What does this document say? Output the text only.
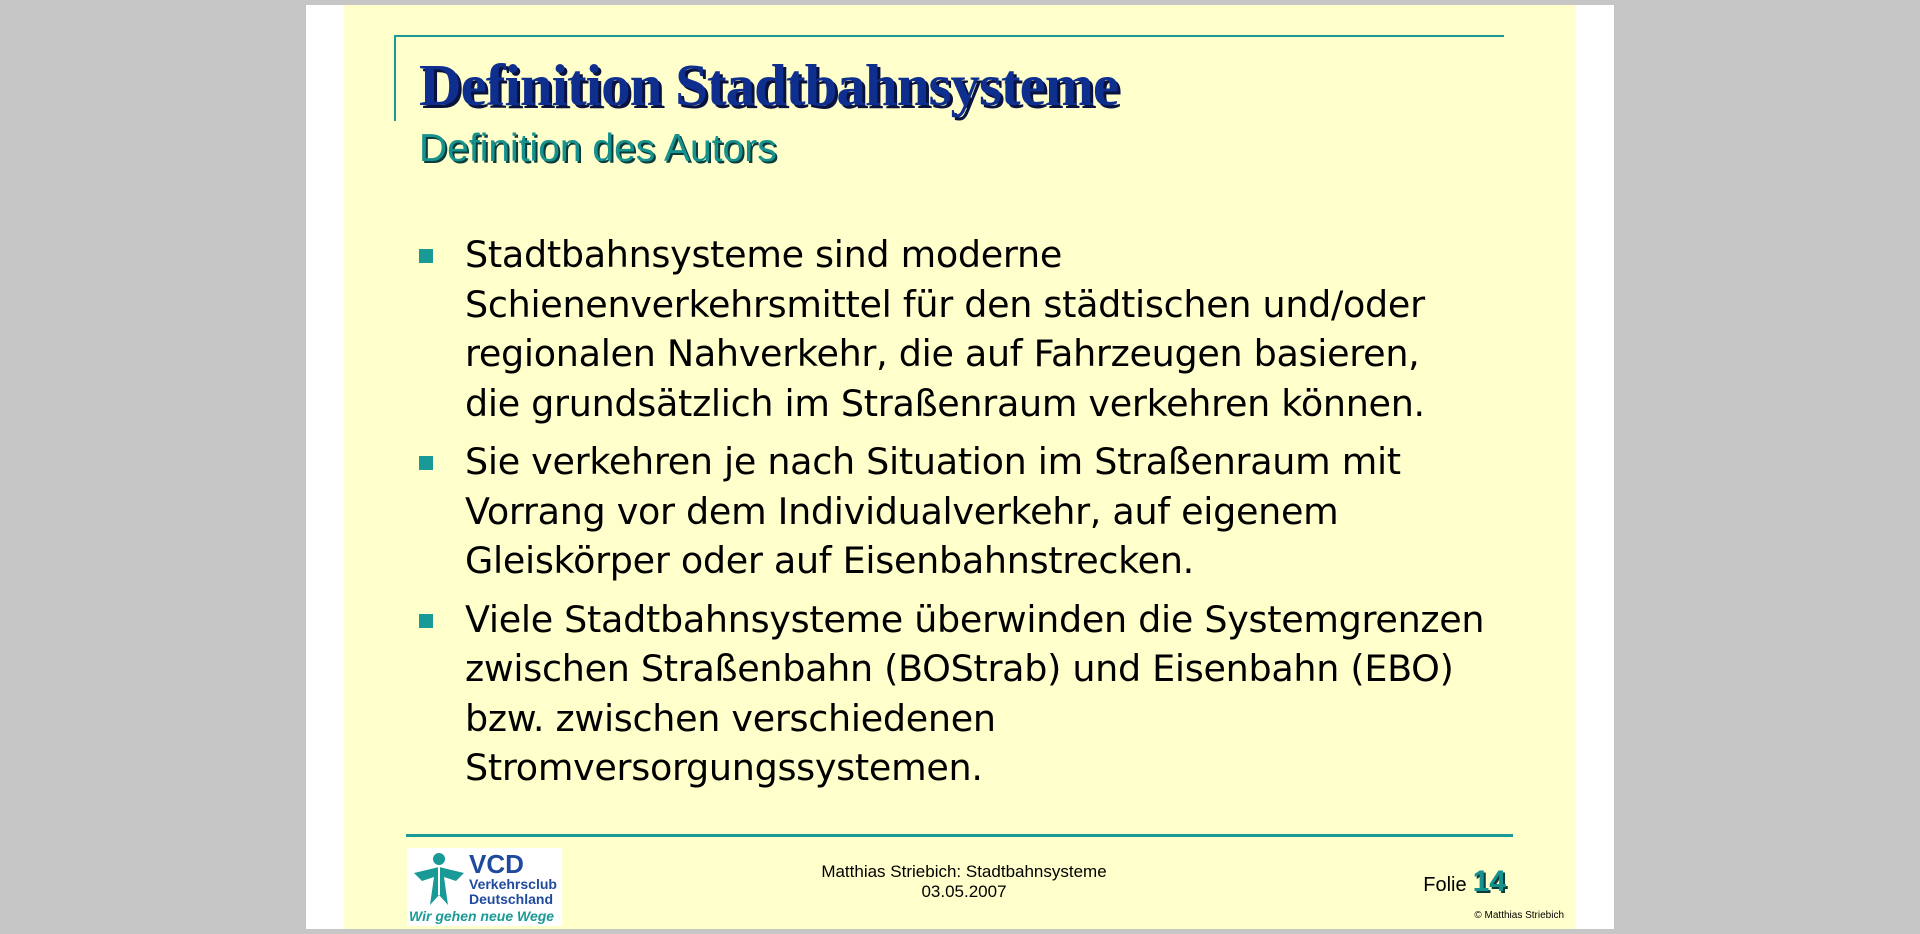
Definition Stadtbahnsysteme
Definition des Autors
Stadtbahnsysteme sind moderne
Schienenverkehrsmittel für den städtischen und/oder
regionalen Nahverkehr, die auf Fahrzeugen basieren,
die grundsätzlich im Straßenraum verkehren können.
Sie verkehren je nach Situation im Straßenraum mit
Vorrang vor dem Individualverkehr, auf eigenem
Gleiskörper oder auf Eisenbahnstrecken.
Viele Stadtbahnsysteme überwinden die Systemgrenzen
zwischen Straßenbahn (BOStrab) und Eisenbahn (EBO)
bzw. zwischen verschiedenen
Stromversorgungssystemen.
VCD
Verkehrsclub
Deutschland
Wir gehen neue Wege
Matthias Striebich: Stadtbahnsysteme
03.05.2007	Folie 14
© Matthias Striebich
